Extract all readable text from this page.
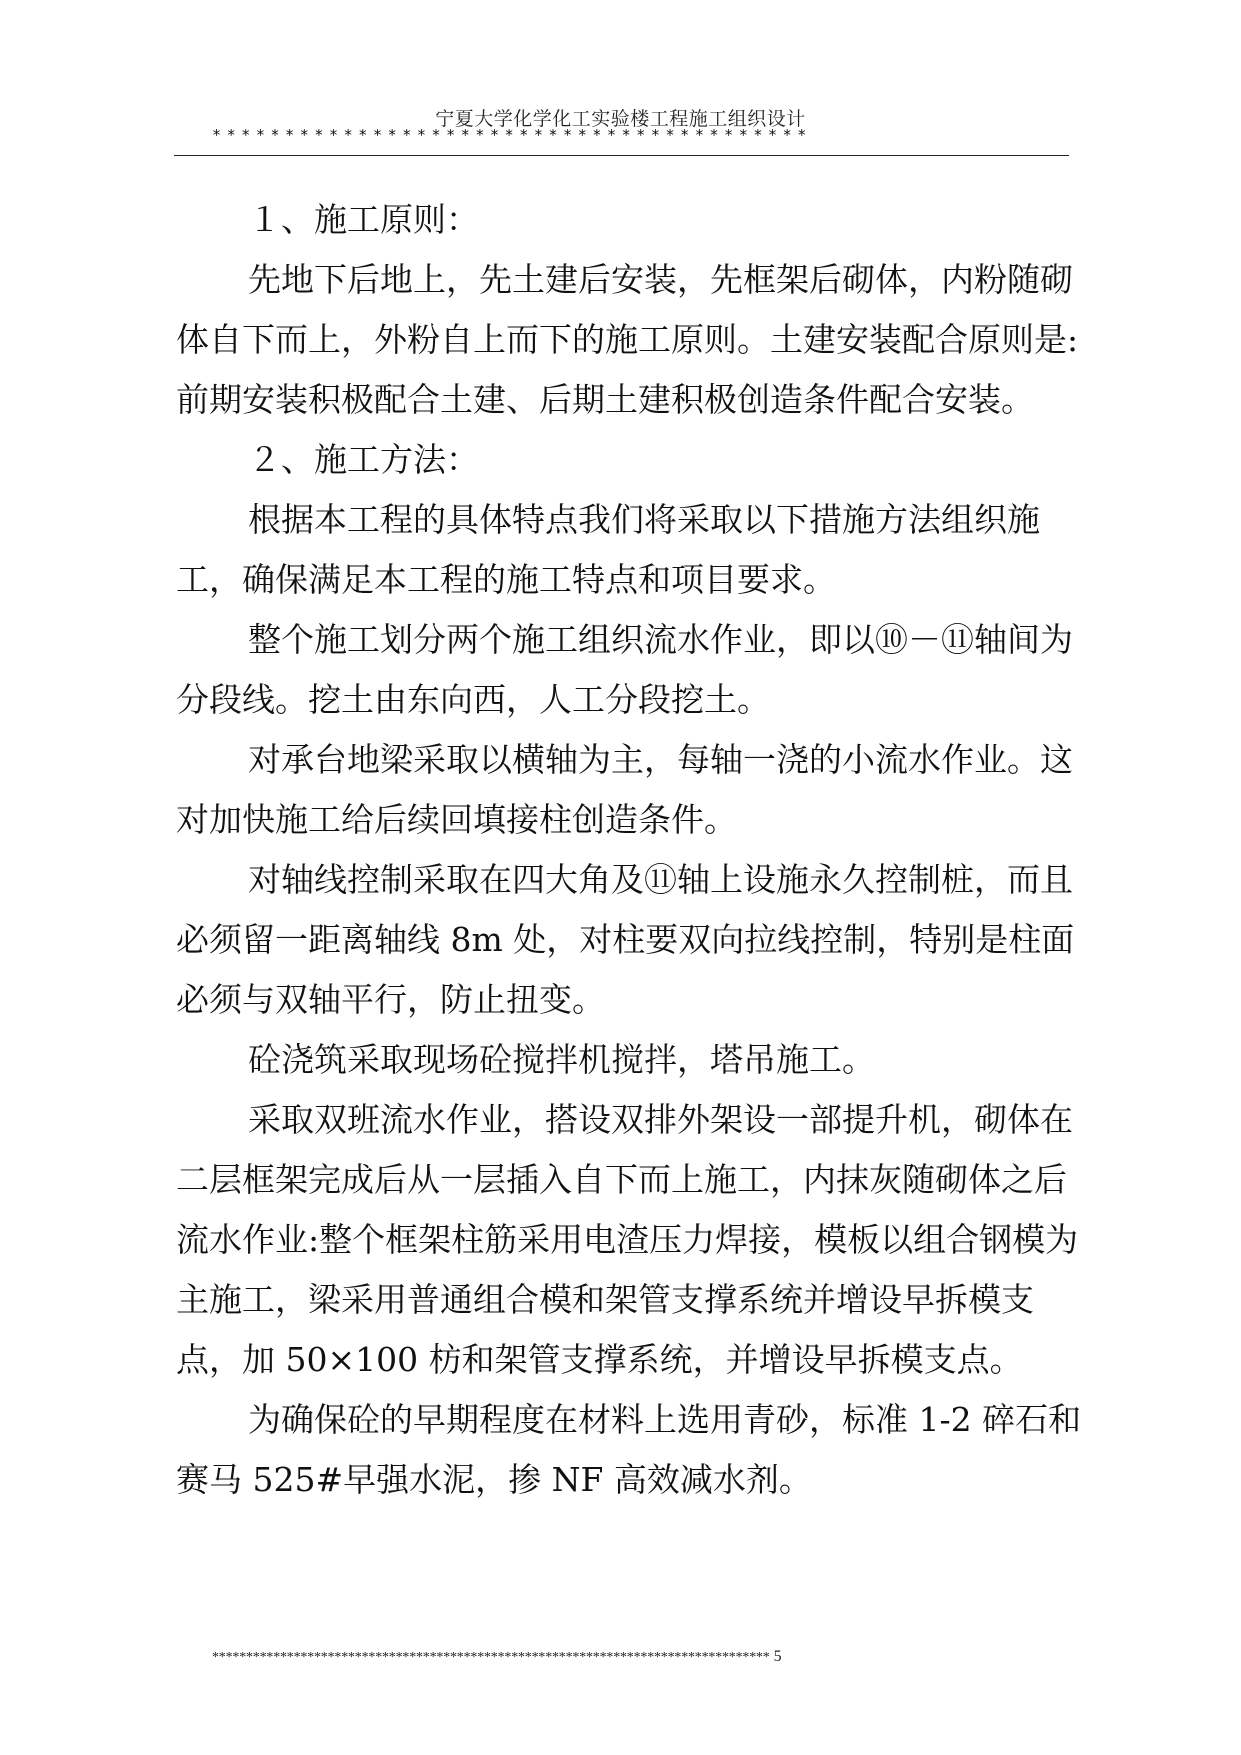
宁夏大学化学化工实验楼工程施工组织设计
*****************************************

１、施工原则：

先地下后地上，先土建后安装，先框架后砌体，内粉随砌体自下而上，外粉自上而下的施工原则。土建安装配合原则是:前期安装积极配合土建、后期土建积极创造条件配合安装。

２、施工方法：

根据本工程的具体特点我们将采取以下措施方法组织施工，确保满足本工程的施工特点和项目要求。

整个施工划分两个施工组织流水作业，即以⑩－⑪轴间为分段线。挖土由东向西，人工分段挖土。

对承台地梁采取以横轴为主，每轴一浇的小流水作业。这对加快施工给后续回填接柱创造条件。

对轴线控制采取在四大角及⑪轴上设施永久控制桩，而且必须留一距离轴线 8m 处，对柱要双向拉线控制，特别是柱面必须与双轴平行，防止扭变。

砼浇筑采取现场砼搅拌机搅拌，塔吊施工。

采取双班流水作业，搭设双排外架设一部提升机，砌体在二层框架完成后从一层插入自下而上施工，内抹灰随砌体之后流水作业:整个框架柱筋采用电渣压力焊接，模板以组合钢模为主施工，梁采用普通组合模和架管支撑系统并增设早拆模支点，加 50×100 枋和架管支撑系统，并增设早拆模支点。

为确保砼的早期程度在材料上选用青砂，标准 1-2 碎石和赛马 525#早强水泥，掺 NF 高效减水剂。

********************************************************************************** 5
